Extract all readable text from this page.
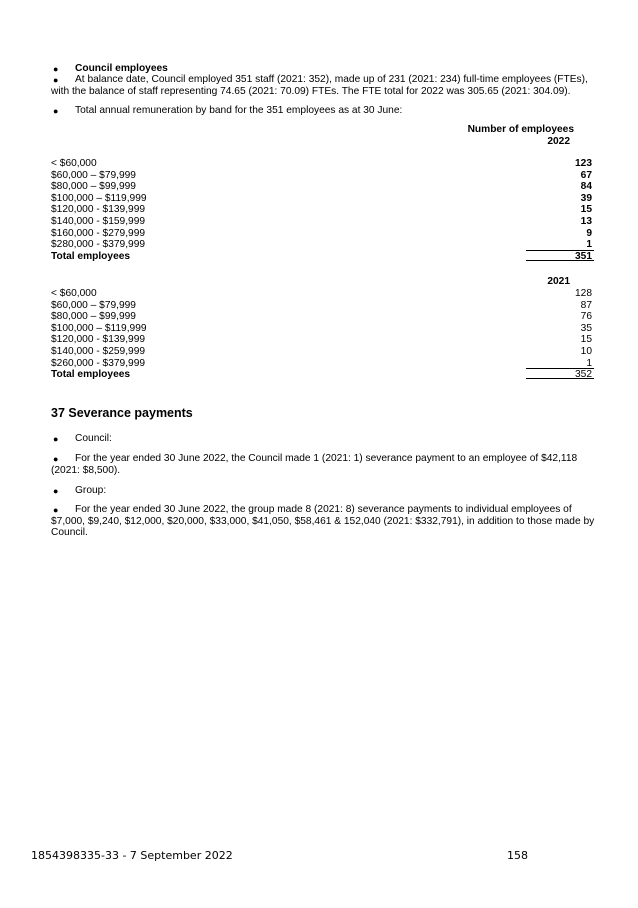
● Council employees
●	At balance date, Council employed 351 staff (2021: 352), made up of 231 (2021: 234) full-time employees (FTEs),
with the balance of staff representing 74.65 (2021: 70.09) FTEs. The FTE total for 2022 was 305.65 (2021: 304.09).
● Total annual remuneration by band for the 351 employees as at 30 June:
Number of employees
2022
< $60,000	123
$60,000 – $79,999	67
$80,000 – $99,999	84
$100,000 – $119,999	39
$120,000 - $139,999	15
$140,000 - $159,999	13
$160,000 - $279,999	9
$280,000 - $379,999	1
Total employees	351
2021
< $60,000	128
$60,000 – $79,999	87
$80,000 – $99,999	76
$100,000 – $119,999	35
$120,000 - $139,999	15
$140,000 - $259,999	10
$260,000 - $379,999	1
Total employees	352
37 Severance payments
● Council:
●	For the year ended 30 June 2022, the Council made 1 (2021: 1) severance payment to an employee of $42,118
(2021: $8,500).
● Group:
●	For the year ended 30 June 2022, the group made 8 (2021: 8) severance payments to individual employees of
$7,000, $9,240, $12,000, $20,000, $33,000, $41,050, $58,461 & 152,040 (2021: $332,791), in addition to those made by
Council.
1854398335-33 - 7 September 2022	158
